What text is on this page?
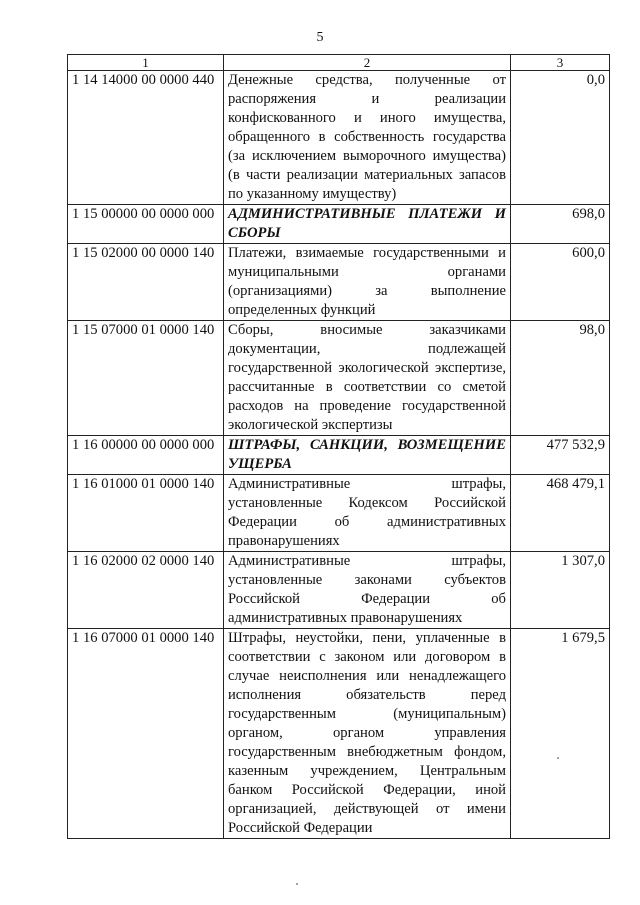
5
1	2	3
1 14 14000 00 0000 440	Денежные средства, полученные от распоряжения и реализации конфискованного и иного имущества, обращенного в собственность государства (за исключением выморочного имущества) (в части реализации материальных запасов по указанному имуществу)	0,0
1 15 00000 00 0000 000	АДМИНИСТРАТИВНЫЕ ПЛАТЕЖИ И СБОРЫ	698,0
1 15 02000 00 0000 140	Платежи, взимаемые государственными и муниципальными органами (организациями) за выполнение определенных функций	600,0
1 15 07000 01 0000 140	Сборы, вносимые заказчиками документации, подлежащей государственной экологической экспертизе, рассчитанные в соответствии со сметой расходов на проведение государственной экологической экспертизы	98,0
1 16 00000 00 0000 000	ШТРАФЫ, САНКЦИИ, ВОЗМЕЩЕНИЕ УЩЕРБА	477 532,9
1 16 01000 01 0000 140	Административные штрафы, установленные Кодексом Российской Федерации об административных правонарушениях	468 479,1
1 16 02000 02 0000 140	Административные штрафы, установленные законами субъектов Российской Федерации об административных правонарушениях	1 307,0
1 16 07000 01 0000 140	Штрафы, неустойки, пени, уплаченные в соответствии с законом или договором в случае неисполнения или ненадлежащего исполнения обязательств перед государственным (муниципальным) органом, органом управления государственным внебюджетным фондом, казенным учреждением, Центральным банком Российской Федерации, иной организацией, действующей от имени Российской Федерации	1 679,5
